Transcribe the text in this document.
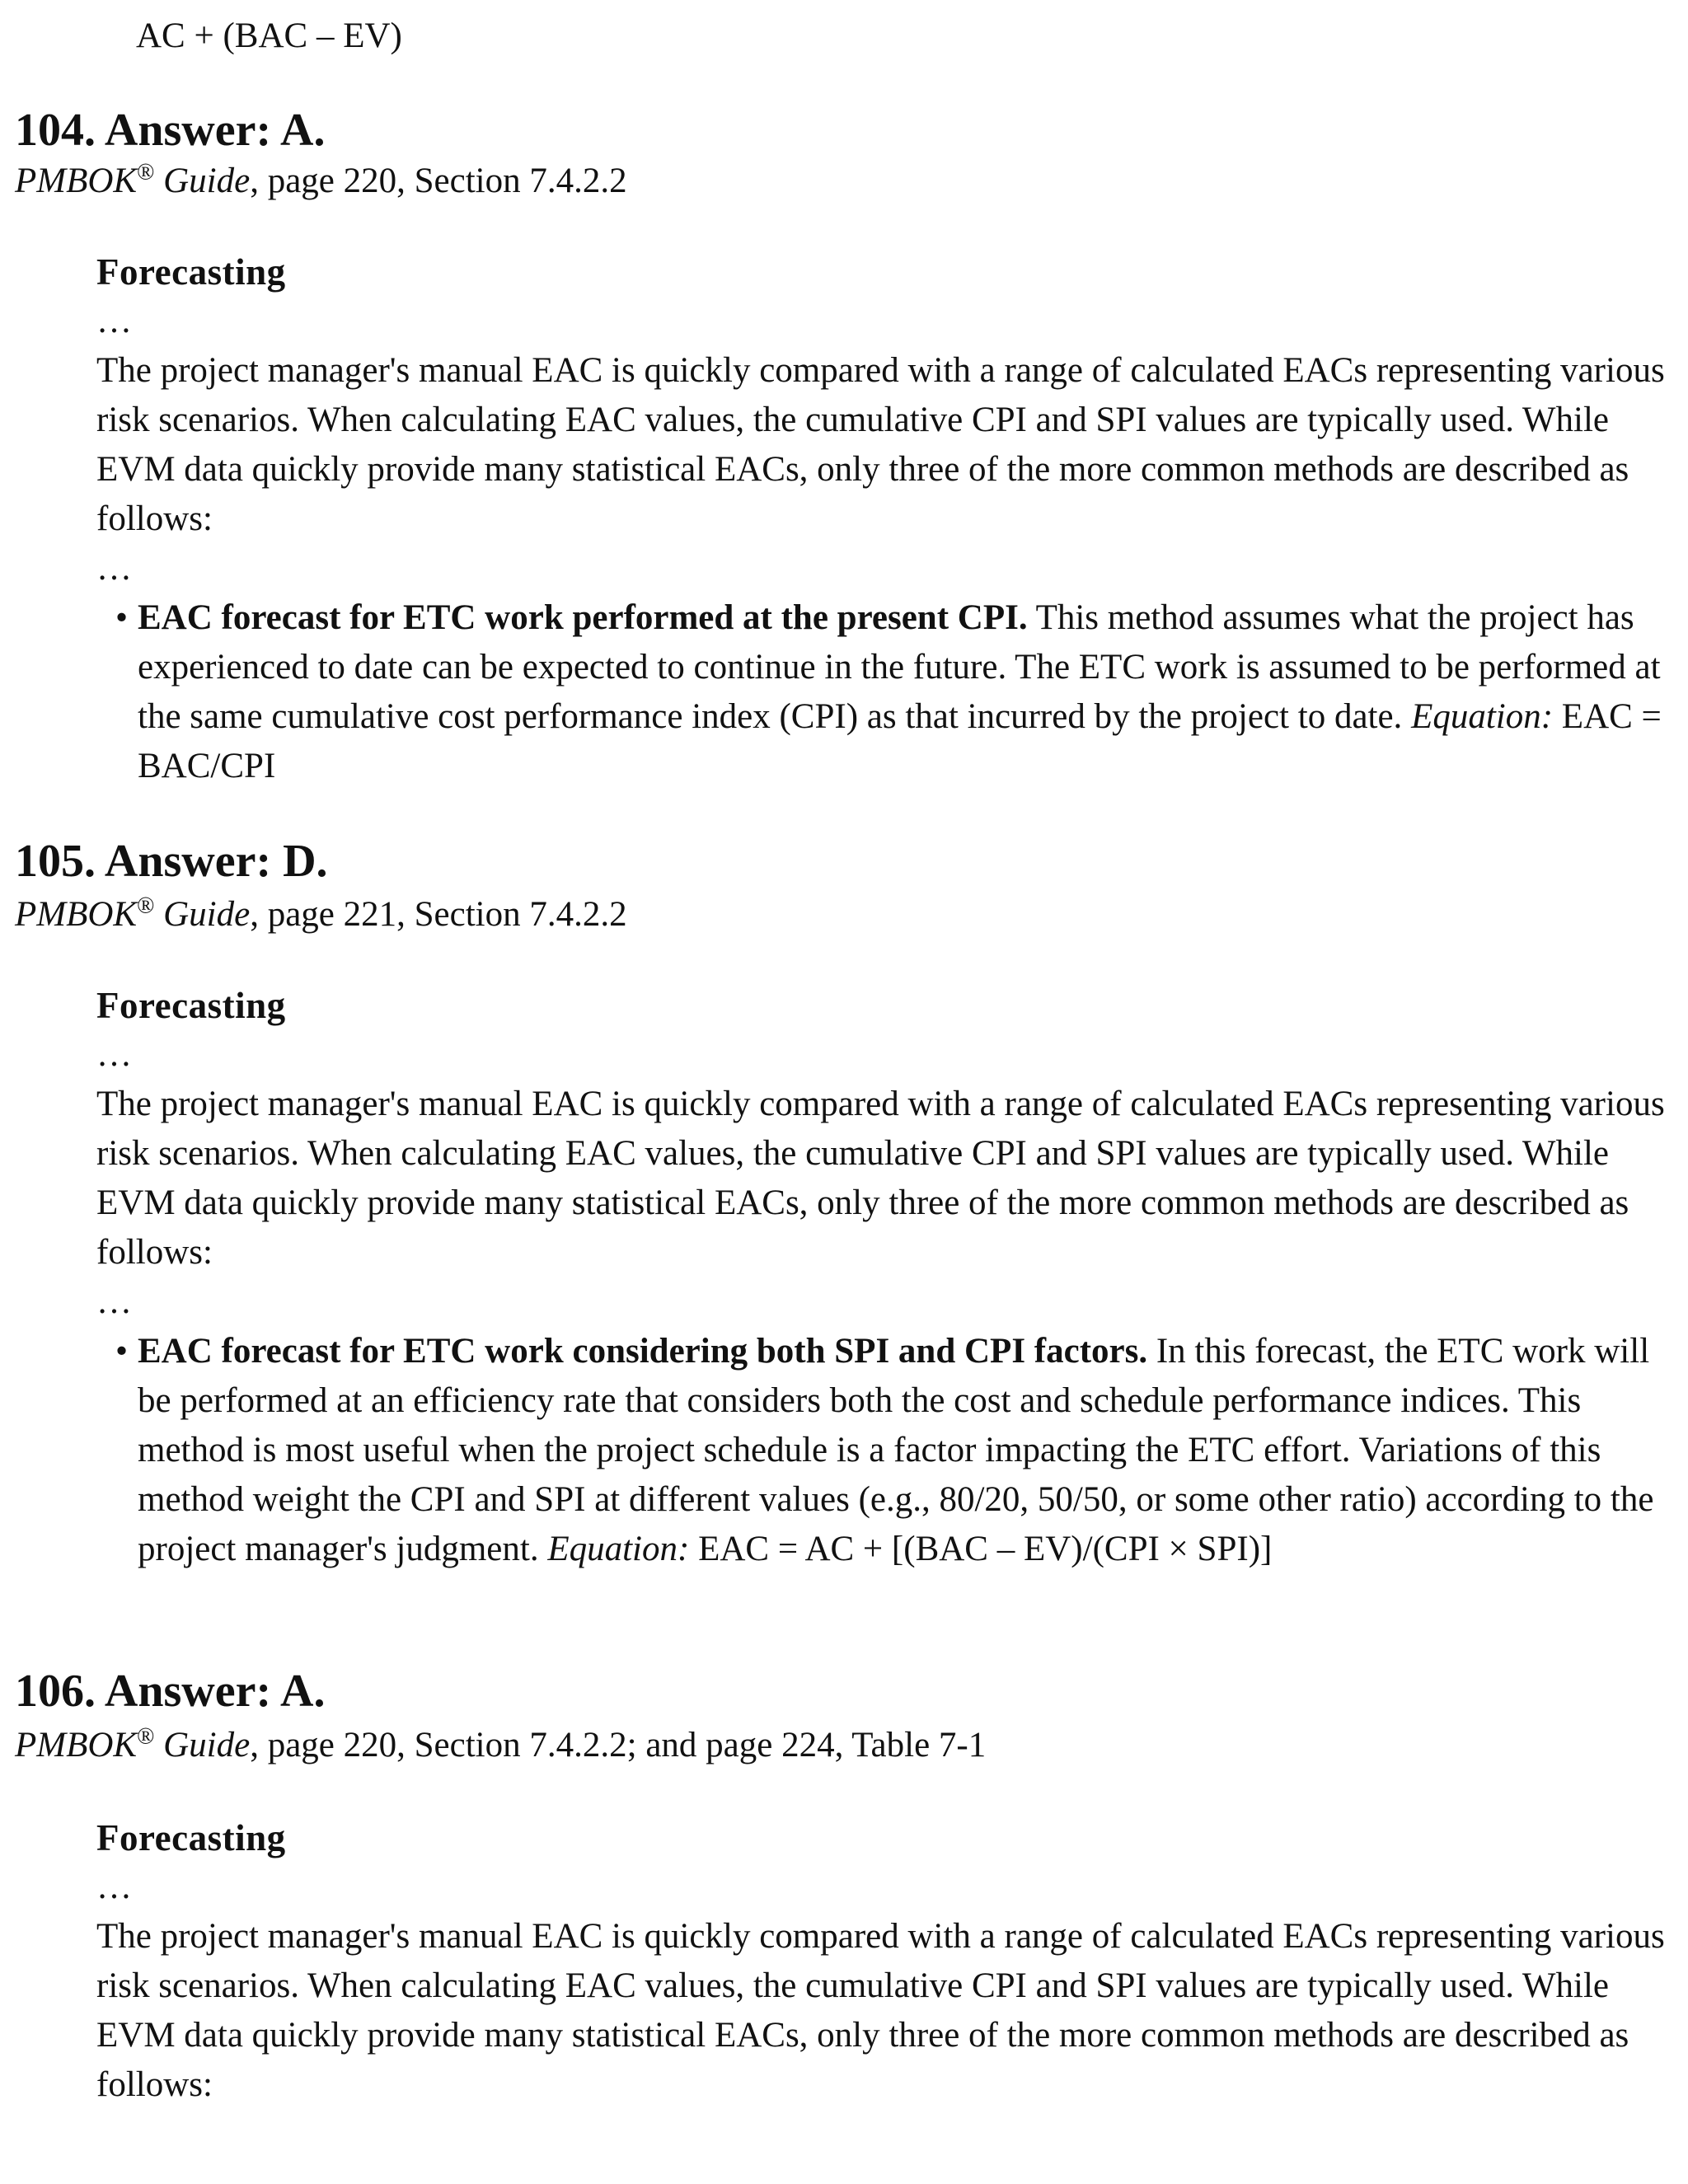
AC + (BAC – EV)
104. Answer: A.
PMBOK® Guide, page 220, Section 7.4.2.2

Forecasting

…

The project manager's manual EAC is quickly compared with a range of calculated EACs representing various risk scenarios. When calculating EAC values, the cumulative CPI and SPI values are typically used. While EVM data quickly provide many statistical EACs, only three of the more common methods are described as follows:

…

• EAC forecast for ETC work performed at the present CPI. This method assumes what the project has experienced to date can be expected to continue in the future. The ETC work is assumed to be performed at the same cumulative cost performance index (CPI) as that incurred by the project to date. Equation: EAC = BAC/CPI

105. Answer: D.
PMBOK® Guide, page 221, Section 7.4.2.2

Forecasting

…

The project manager's manual EAC is quickly compared with a range of calculated EACs representing various risk scenarios. When calculating EAC values, the cumulative CPI and SPI values are typically used. While EVM data quickly provide many statistical EACs, only three of the more common methods are described as follows:

…

• EAC forecast for ETC work considering both SPI and CPI factors. In this forecast, the ETC work will be performed at an efficiency rate that considers both the cost and schedule performance indices. This method is most useful when the project schedule is a factor impacting the ETC effort. Variations of this method weight the CPI and SPI at different values (e.g., 80/20, 50/50, or some other ratio) according to the project manager's judgment. Equation: EAC = AC + [(BAC – EV)/(CPI × SPI)]

106. Answer: A.
PMBOK® Guide, page 220, Section 7.4.2.2; and page 224, Table 7-1

Forecasting

…

The project manager's manual EAC is quickly compared with a range of calculated EACs representing various risk scenarios. When calculating EAC values, the cumulative CPI and SPI values are typically used. While EVM data quickly provide many statistical EACs, only three of the more common methods are described as follows:
